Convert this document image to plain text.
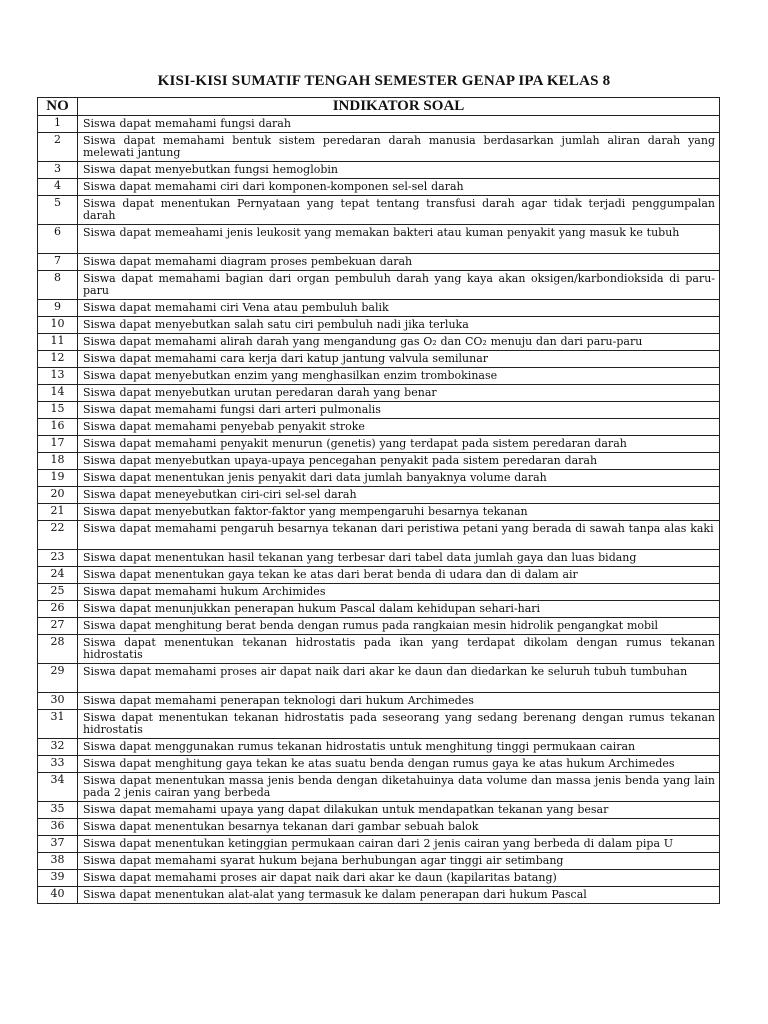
KISI-KISI SUMATIF TENGAH SEMESTER GENAP IPA KELAS 8
NO	INDIKATOR SOAL
1	Siswa dapat memahami fungsi darah
2	Siswa dapat memahami bentuk sistem peredaran darah manusia berdasarkan jumlah aliran darah yang melewati jantung
3	Siswa dapat menyebutkan fungsi hemoglobin
4	Siswa dapat memahami ciri dari komponen-komponen sel-sel darah
5	Siswa dapat menentukan Pernyataan yang tepat tentang transfusi darah agar tidak terjadi penggumpalan darah
6	Siswa dapat memeahami jenis leukosit yang memakan bakteri atau kuman penyakit yang masuk ke tubuh
7	Siswa dapat memahami diagram proses pembekuan darah
8	Siswa dapat memahami bagian dari organ pembuluh darah yang kaya akan oksigen/karbondioksida di paru-paru
9	Siswa dapat memahami ciri Vena atau pembuluh balik
10	Siswa dapat menyebutkan salah satu ciri pembuluh nadi jika terluka
11	Siswa dapat memahami alirah darah yang mengandung gas O₂ dan CO₂ menuju dan dari paru-paru
12	Siswa dapat memahami cara kerja dari katup jantung valvula semilunar
13	Siswa dapat menyebutkan enzim yang menghasilkan enzim trombokinase
14	Siswa dapat menyebutkan urutan peredaran darah yang benar
15	Siswa dapat memahami fungsi dari arteri pulmonalis
16	Siswa dapat memahami penyebab penyakit stroke
17	Siswa dapat memahami penyakit menurun (genetis) yang terdapat pada sistem peredaran darah
18	Siswa dapat menyebutkan upaya-upaya pencegahan penyakit pada sistem peredaran darah
19	Siswa dapat menentukan jenis penyakit dari data jumlah banyaknya volume darah
20	Siswa dapat meneyebutkan ciri-ciri sel-sel darah
21	Siswa dapat menyebutkan faktor-faktor yang mempengaruhi besarnya tekanan
22	Siswa dapat memahami pengaruh besarnya tekanan dari peristiwa petani yang berada di sawah tanpa alas kaki
23	Siswa dapat menentukan hasil tekanan yang terbesar dari tabel data jumlah gaya dan luas bidang
24	Siswa dapat menentukan gaya tekan ke atas dari berat benda di udara dan di dalam air
25	Siswa dapat memahami hukum Archimides
26	Siswa dapat menunjukkan penerapan hukum Pascal dalam kehidupan sehari-hari
27	Siswa dapat menghitung berat benda dengan rumus pada rangkaian mesin hidrolik pengangkat mobil
28	Siswa dapat menentukan tekanan hidrostatis pada ikan yang terdapat dikolam dengan rumus tekanan hidrostatis
29	Siswa dapat memahami proses air dapat naik dari akar ke daun dan diedarkan ke seluruh tubuh tumbuhan
30	Siswa dapat memahami penerapan teknologi dari hukum Archimedes
31	Siswa dapat menentukan tekanan hidrostatis pada seseorang yang sedang berenang dengan rumus tekanan hidrostatis
32	Siswa dapat menggunakan rumus tekanan hidrostatis untuk menghitung tinggi permukaan cairan
33	Siswa dapat menghitung gaya tekan ke atas suatu benda dengan rumus gaya ke atas hukum Archimedes
34	Siswa dapat menentukan massa jenis benda dengan diketahuinya data volume dan massa jenis benda yang lain pada 2 jenis cairan yang berbeda
35	Siswa dapat memahami upaya yang dapat dilakukan untuk mendapatkan tekanan yang besar
36	Siswa dapat menentukan besarnya tekanan dari gambar sebuah balok
37	Siswa dapat menentukan ketinggian permukaan cairan dari 2 jenis cairan yang berbeda di dalam pipa U
38	Siswa dapat memahami syarat hukum bejana berhubungan agar tinggi air setimbang
39	Siswa dapat memahami proses air dapat naik dari akar ke daun (kapilaritas batang)
40	Siswa dapat menentukan alat-alat yang termasuk ke dalam penerapan dari hukum Pascal
